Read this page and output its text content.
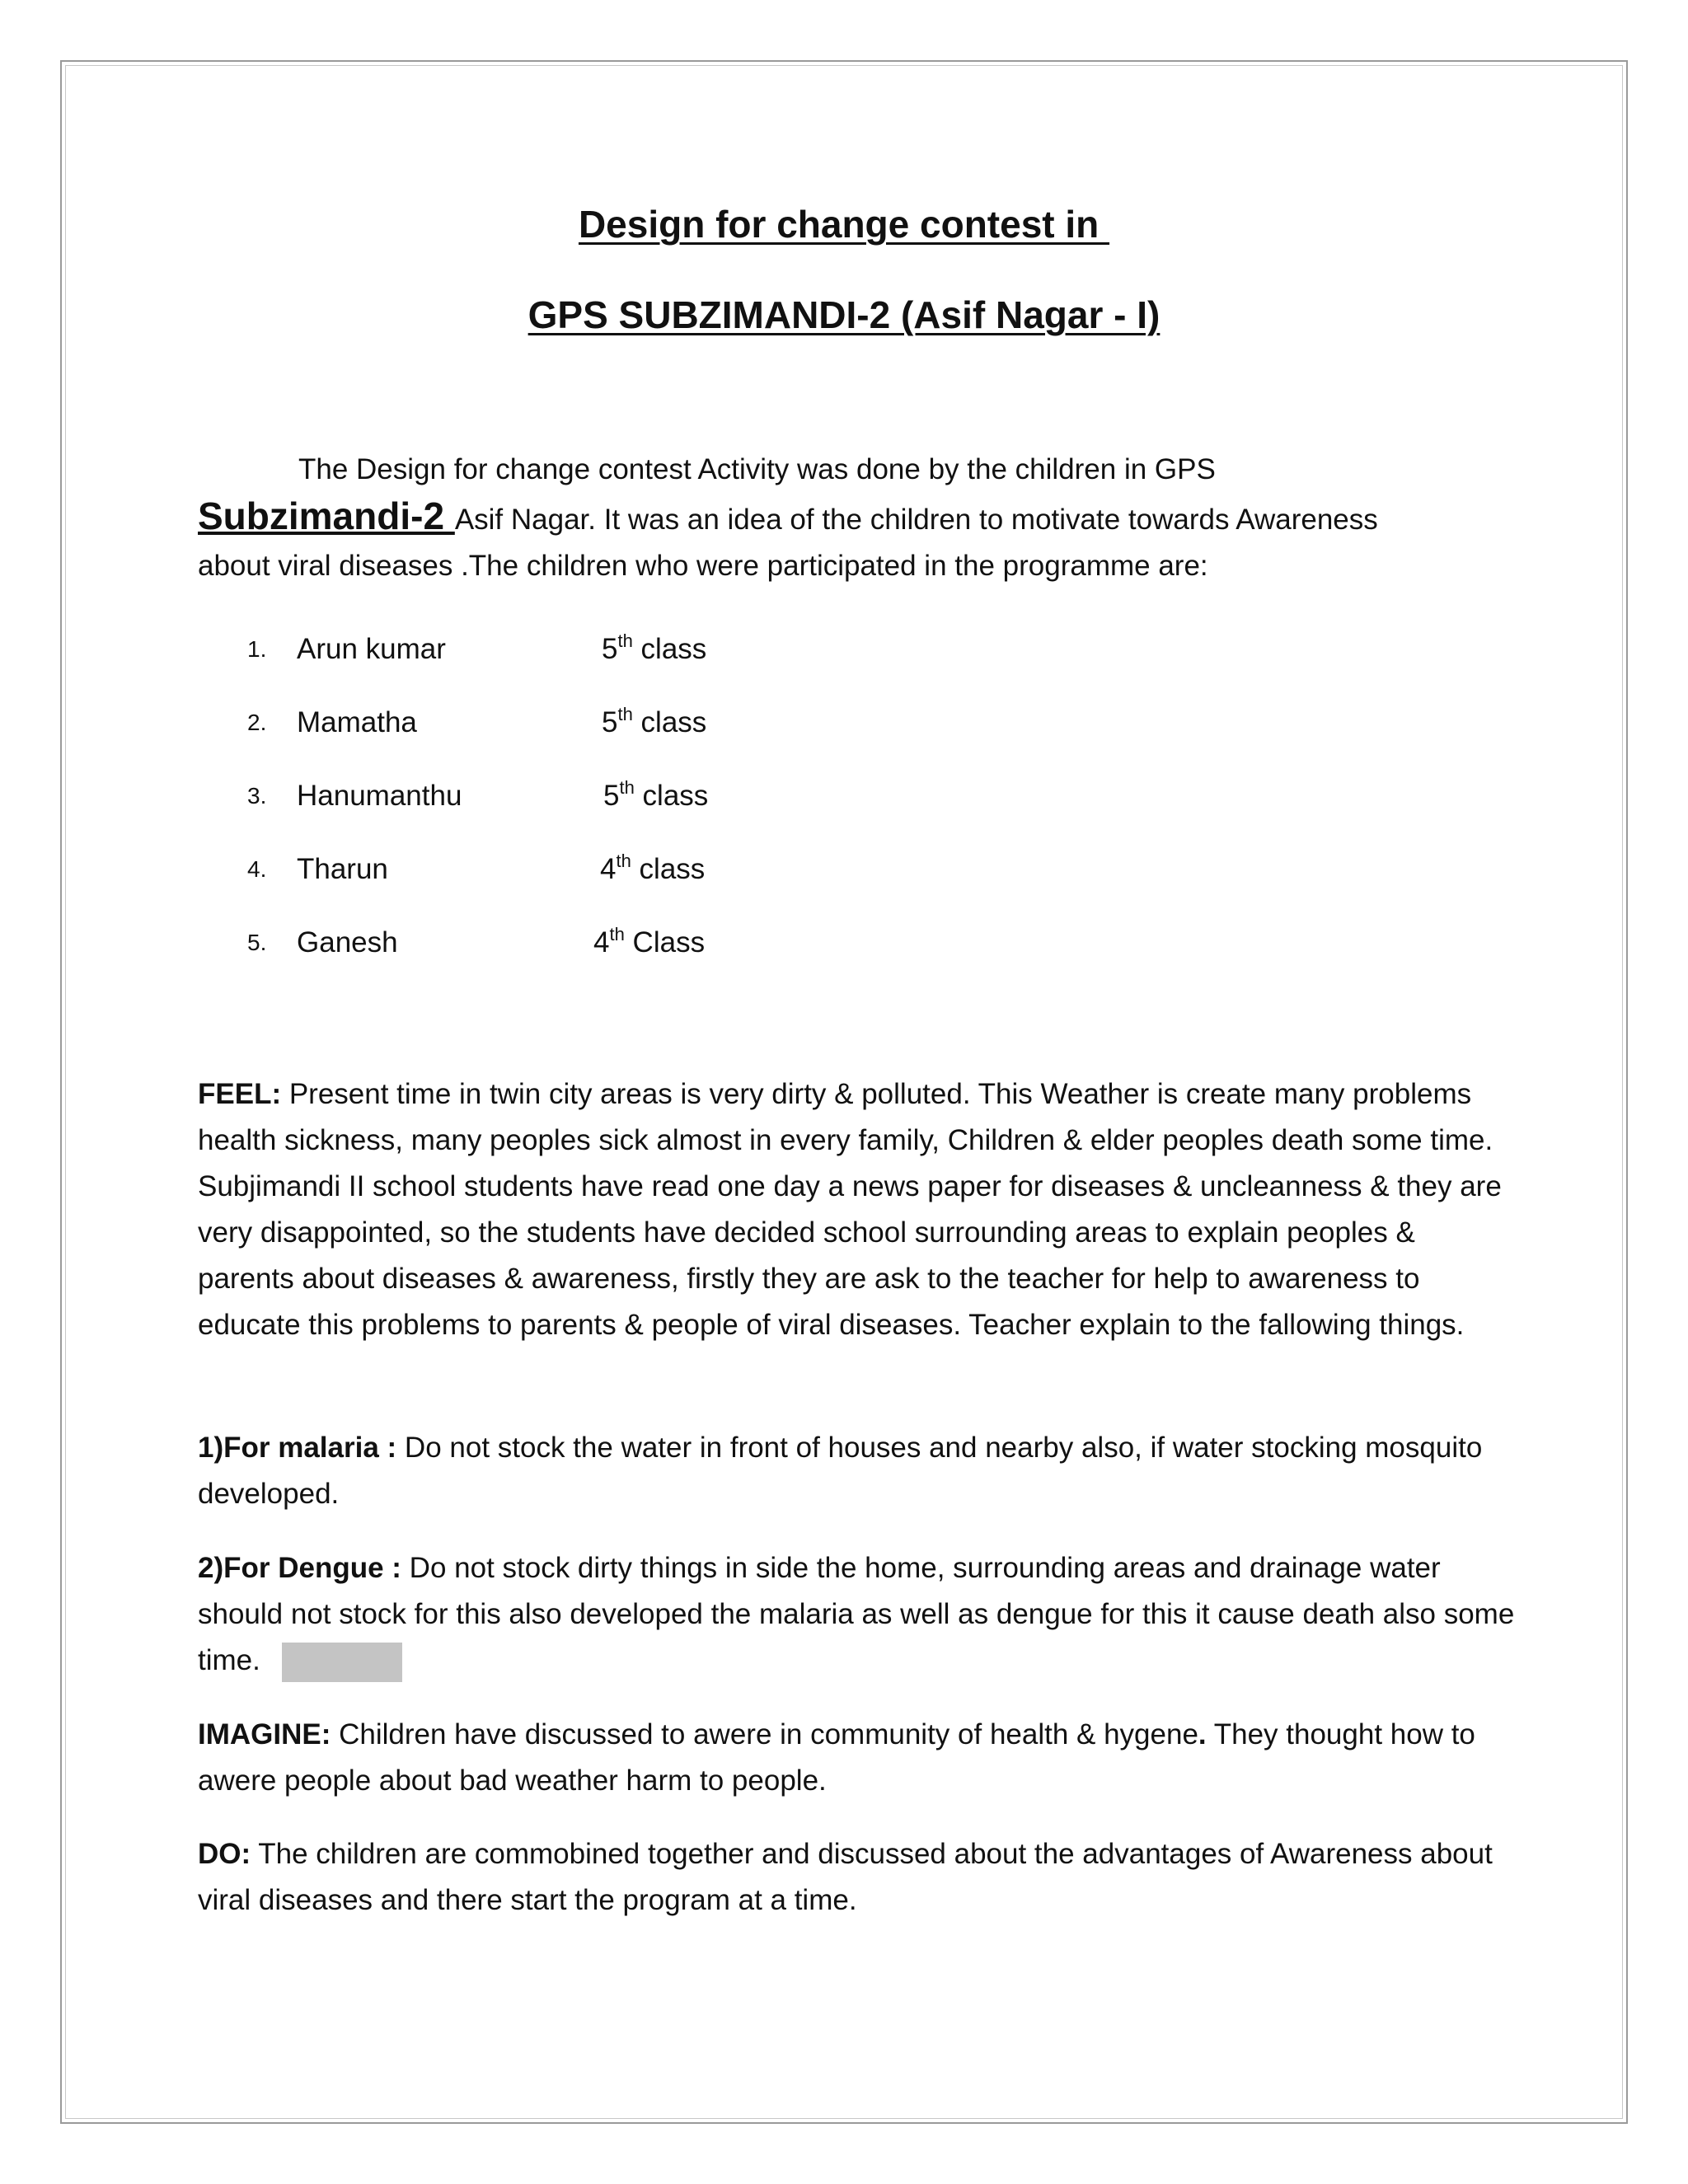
Design for change contest in
GPS SUBZIMANDI-2 (Asif Nagar - I)
The Design for change contest Activity was done by the children in GPS
Subzimandi-2 Asif Nagar. It was an idea of the children to motivate towards Awareness
about viral diseases .The children who were participated in the programme are:
1.	Arun kumar	5th class
2.	Mamatha	5th class
3.	Hanumanthu	5th class
4.	Tharun	4th class
5.	Ganesh	4th Class

FEEL: Present time in twin city areas is very dirty & polluted. This Weather is create many problems health sickness, many peoples sick almost in every family, Children & elder peoples death some time. Subjimandi II school students have read one day a news paper for diseases & uncleanness & they are very disappointed, so the students have decided school surrounding areas to explain peoples & parents about diseases & awareness, firstly they are ask to the teacher for help to awareness to educate this problems to parents & people of viral diseases. Teacher explain to the fallowing things.

1)For malaria : Do not stock the water in front of houses and nearby also, if water stocking mosquito developed.

2)For Dengue : Do not stock dirty things in side the home, surrounding areas and drainage water should not stock for this also developed the malaria as well as dengue for this it cause death also some time.

IMAGINE: Children have discussed to awere in community of health & hygene. They thought how to awere people about bad weather harm to people.

DO: The children are commobined together and discussed about the advantages of Awareness about viral diseases and there start the program at a time.
